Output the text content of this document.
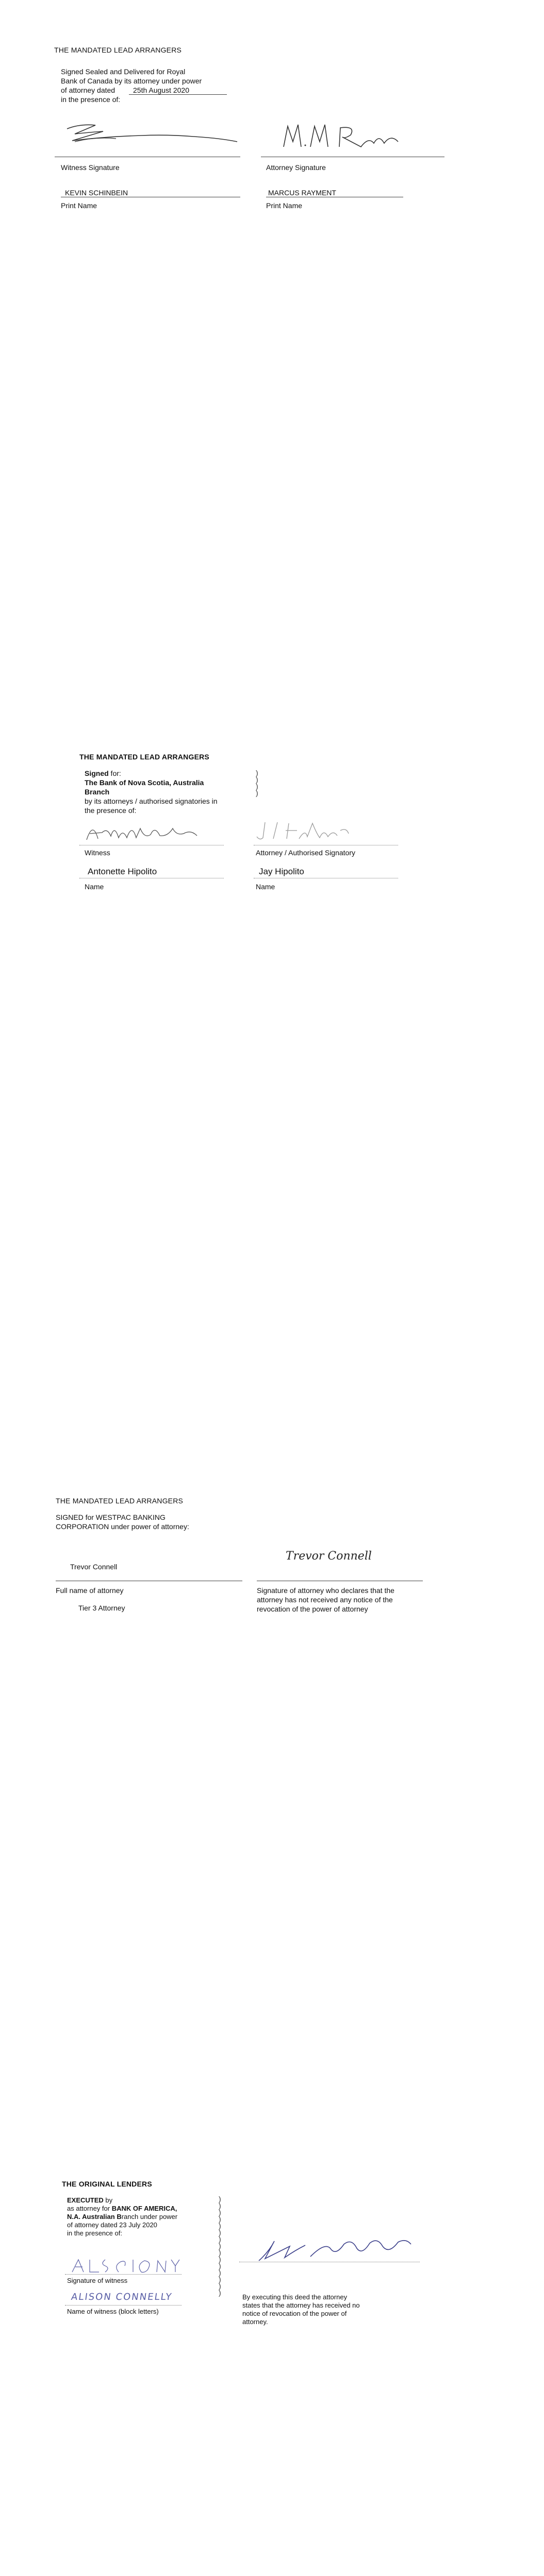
THE MANDATED LEAD ARRANGERS
Signed Sealed and Delivered for Royal
Bank of Canada by its attorney under power
of attorney dated 25th August 2020
in the presence of:
Witness Signature	Attorney Signature
KEVIN SCHINBEIN	MARCUS RAYMENT
Print Name	Print Name
THE MANDATED LEAD ARRANGERS
Signed for:
The Bank of Nova Scotia, Australia
Branch
by its attorneys / authorised signatories in
the presence of:
)
)
)
)
Witness	Attorney / Authorised Signatory
Antonette Hipolito	Jay Hipolito
Name	Name
THE MANDATED LEAD ARRANGERS
SIGNED for WESTPAC BANKING
CORPORATION under power of attorney:
Trevor Connell
Trevor Connell
Full name of attorney	Signature of attorney who declares that the
attorney has not received any notice of the
revocation of the power of attorney
Tier 3 Attorney
THE ORIGINAL LENDERS
EXECUTED by
as attorney for BANK OF AMERICA,
N.A. Australian Branch under power
of attorney dated 23 July 2020
in the presence of:
)
)
)
)
)
)
)
)
)
)
)
)
)
)
)
Signature of witness
ALISON CONNELLY
Name of witness (block letters)
By executing this deed the attorney
states that the attorney has received no
notice of revocation of the power of
attorney.
